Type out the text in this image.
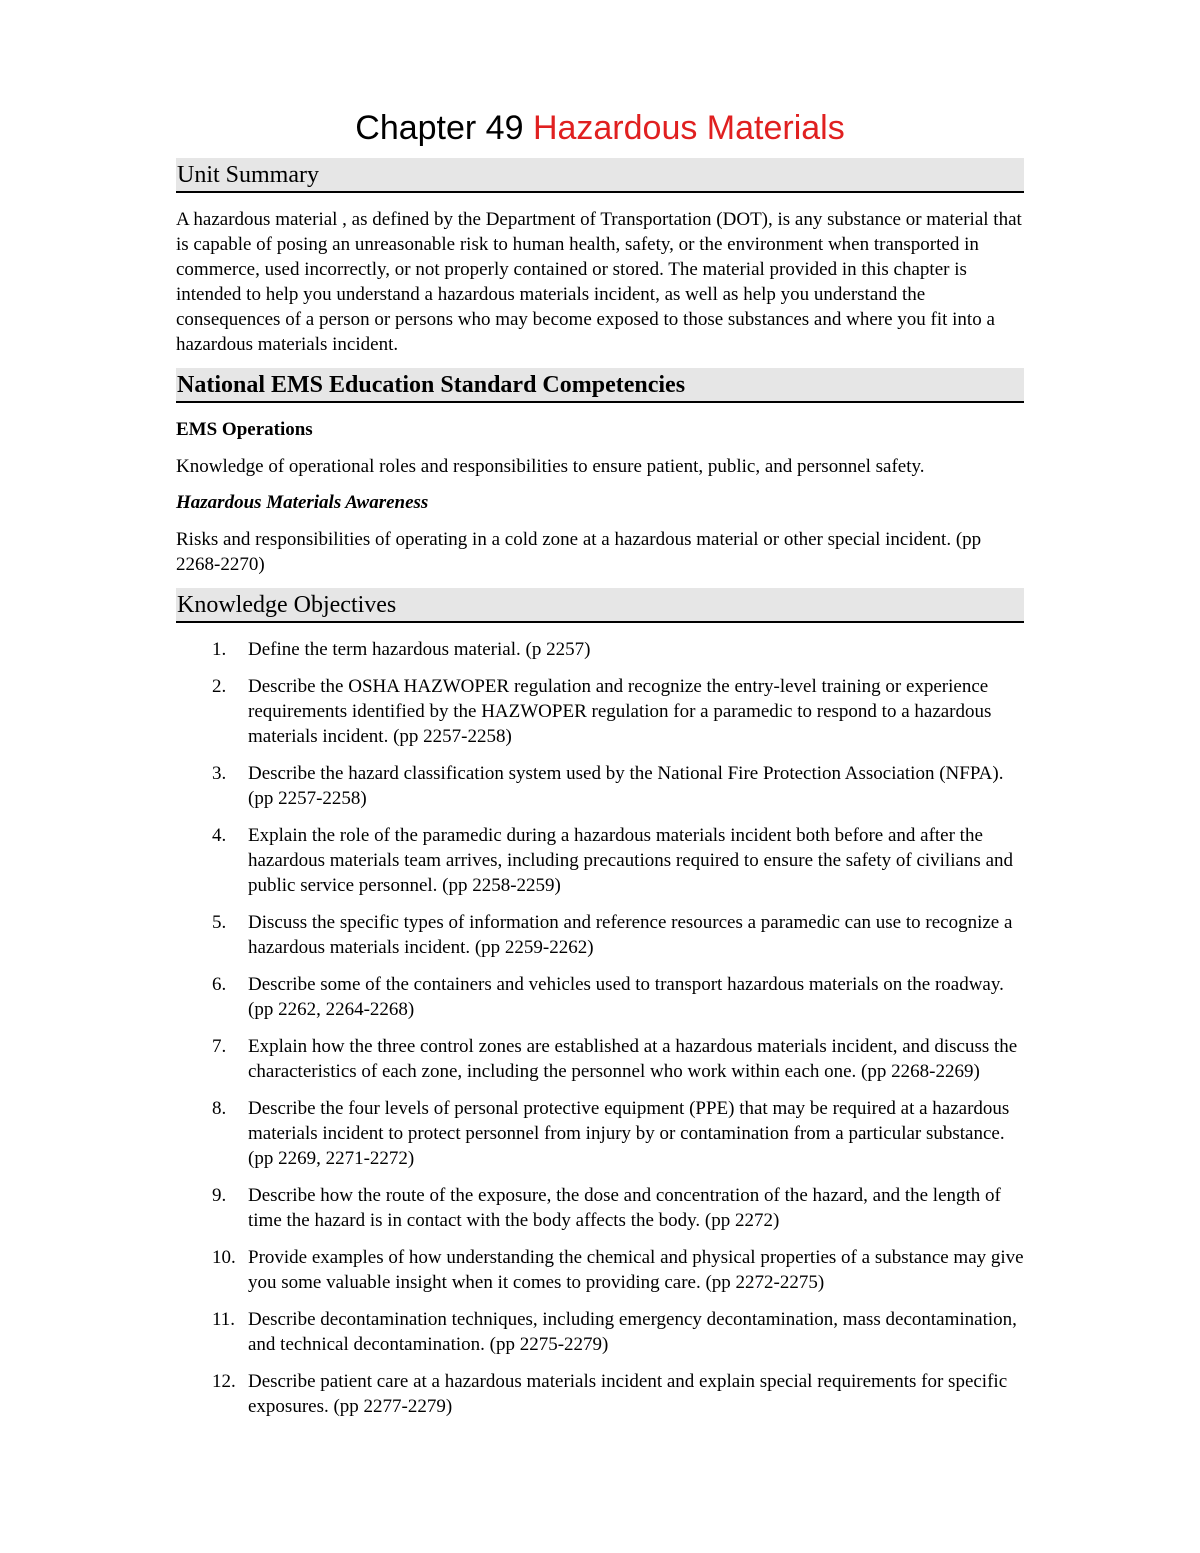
Chapter 49 Hazardous Materials
Unit Summary

A hazardous material , as defined by the Department of Transportation (DOT), is any substance or material that is capable of posing an unreasonable risk to human health, safety, or the environment when transported in commerce, used incorrectly, or not properly contained or stored. The material provided in this chapter is intended to help you understand a hazardous materials incident, as well as help you understand the consequences of a person or persons who may become exposed to those substances and where you fit into a hazardous materials incident.

National EMS Education Standard Competencies
EMS Operations

Knowledge of operational roles and responsibilities to ensure patient, public, and personnel safety.

Hazardous Materials Awareness

Risks and responsibilities of operating in a cold zone at a hazardous material or other special incident. (pp 2268-2270)

Knowledge Objectives
1. Define the term hazardous material. (p 2257)
2. Describe the OSHA HAZWOPER regulation and recognize the entry-level training or experience requirements identified by the HAZWOPER regulation for a paramedic to respond to a hazardous materials incident. (pp 2257-2258)
3. Describe the hazard classification system used by the National Fire Protection Association (NFPA). (pp 2257-2258)
4. Explain the role of the paramedic during a hazardous materials incident both before and after the hazardous materials team arrives, including precautions required to ensure the safety of civilians and public service personnel. (pp 2258-2259)
5. Discuss the specific types of information and reference resources a paramedic can use to recognize a hazardous materials incident. (pp 2259-2262)
6. Describe some of the containers and vehicles used to transport hazardous materials on the roadway. (pp 2262, 2264-2268)
7. Explain how the three control zones are established at a hazardous materials incident, and discuss the characteristics of each zone, including the personnel who work within each one. (pp 2268-2269)
8. Describe the four levels of personal protective equipment (PPE) that may be required at a hazardous materials incident to protect personnel from injury by or contamination from a particular substance. (pp 2269, 2271-2272)
9. Describe how the route of the exposure, the dose and concentration of the hazard, and the length of time the hazard is in contact with the body affects the body. (pp 2272)
10. Provide examples of how understanding the chemical and physical properties of a substance may give you some valuable insight when it comes to providing care. (pp 2272-2275)
11. Describe decontamination techniques, including emergency decontamination, mass decontamination, and technical decontamination. (pp 2275-2279)
12. Describe patient care at a hazardous materials incident and explain special requirements for specific exposures. (pp 2277-2279)
